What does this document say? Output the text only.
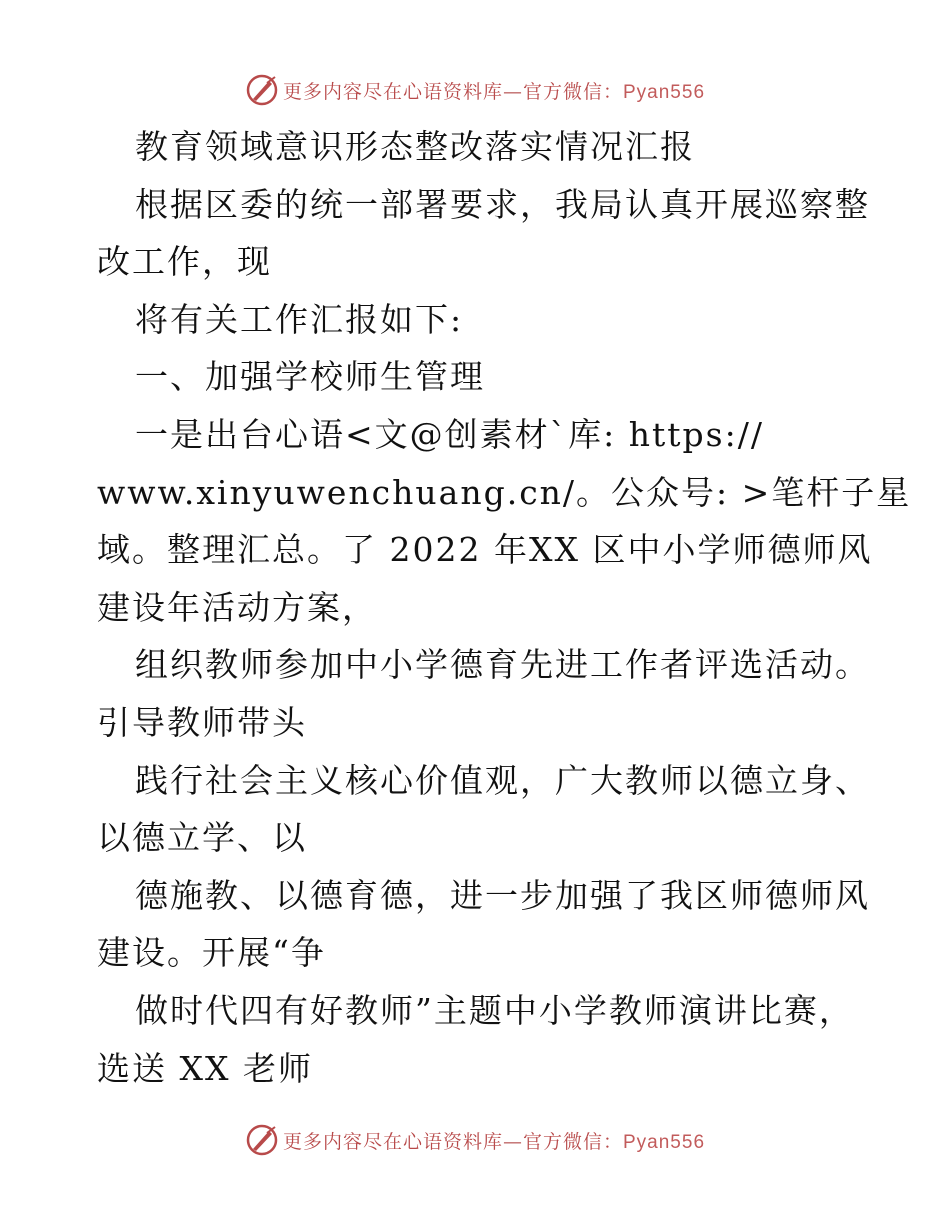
更多内容尽在心语资料库—官方微信：Pyan556
教育领域意识形态整改落实情况汇报
根据区委的统一部署要求，我局认真开展巡察整
改工作，现
将有关工作汇报如下:
一、加强学校师生管理
一是出台心语<文@创素材`库: https://
www.xinyuwenchuang.cn/。公众号: >笔杆子星
域。整理汇总。了 2022 年XX 区中小学师德师风
建设年活动方案，
组织教师参加中小学德育先进工作者评选活动。
引导教师带头
践行社会主义核心价值观，广大教师以德立身、
以德立学、以
德施教、以德育德，进一步加强了我区师德师风
建设。开展“争
做时代四有好教师”主题中小学教师演讲比赛，
选送 XX 老师
更多内容尽在心语资料库—官方微信：Pyan556
